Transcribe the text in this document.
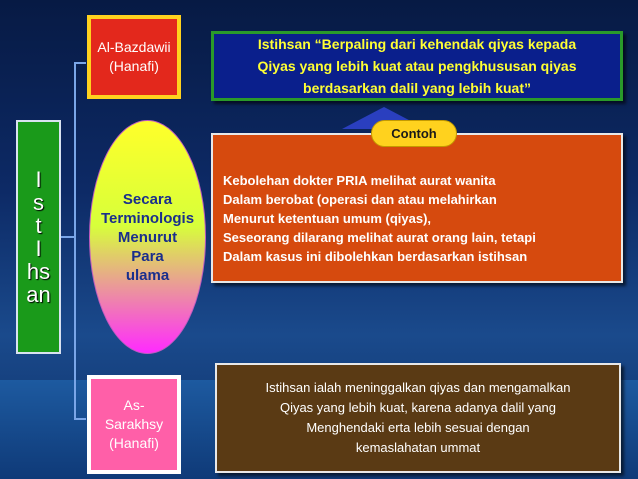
I
s
t
I
hs
an
Al-Bazdawii
(Hanafi)
Secara
Terminologis
Menurut
Para
ulama
As-
Sarakhsy
(Hanafi)
Istihsan “Berpaling dari kehendak qiyas kepada
Qiyas yang lebih kuat atau pengkhususan qiyas
berdasarkan dalil yang lebih kuat”
Kebolehan dokter PRIA melihat aurat wanita
Dalam berobat (operasi dan atau melahirkan
Menurut ketentuan umum (qiyas),
Seseorang dilarang melihat aurat orang lain, tetapi
Dalam kasus ini dibolehkan berdasarkan istihsan
Contoh
Istihsan ialah meninggalkan qiyas dan mengamalkan
Qiyas yang lebih kuat, karena adanya dalil yang
Menghendaki erta lebih sesuai dengan
kemaslahatan ummat
